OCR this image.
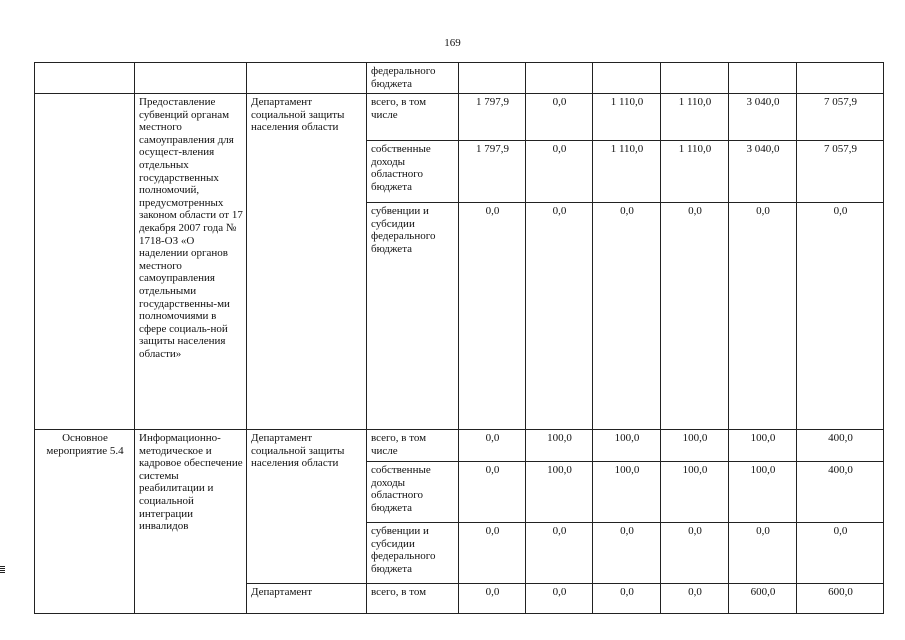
169
			федерального бюджета						
	Предоставление субвенций органам местного самоуправления для осущест-вления отдельных государственных полномочий, предусмотренных законом области от 17 декабря 2007 года № 1718-ОЗ «О наделении органов местного самоуправления отдельными государственны-ми полномочиями в сфере социаль-ной защиты населения области»	Департамент социальной защиты населения области	всего, в том числе	1 797,9	0,0	1 110,0	1 110,0	3 040,0	7 057,9
			собственные доходы областного бюджета	1 797,9	0,0	1 110,0	1 110,0	3 040,0	7 057,9
			субвенции и субсидии федерального бюджета	0,0	0,0	0,0	0,0	0,0	0,0
Основное мероприятие 5.4	Информационно-методическое и кадровое обеспечение системы реабилитации и социальной интеграции инвалидов	Департамент социальной защиты населения области	всего, в том числе	0,0	100,0	100,0	100,0	100,0	400,0
			собственные доходы областного бюджета	0,0	100,0	100,0	100,0	100,0	400,0
			субвенции и субсидии федерального бюджета	0,0	0,0	0,0	0,0	0,0	0,0
		Департамент	всего, в том	0,0	0,0	0,0	0,0	600,0	600,0
